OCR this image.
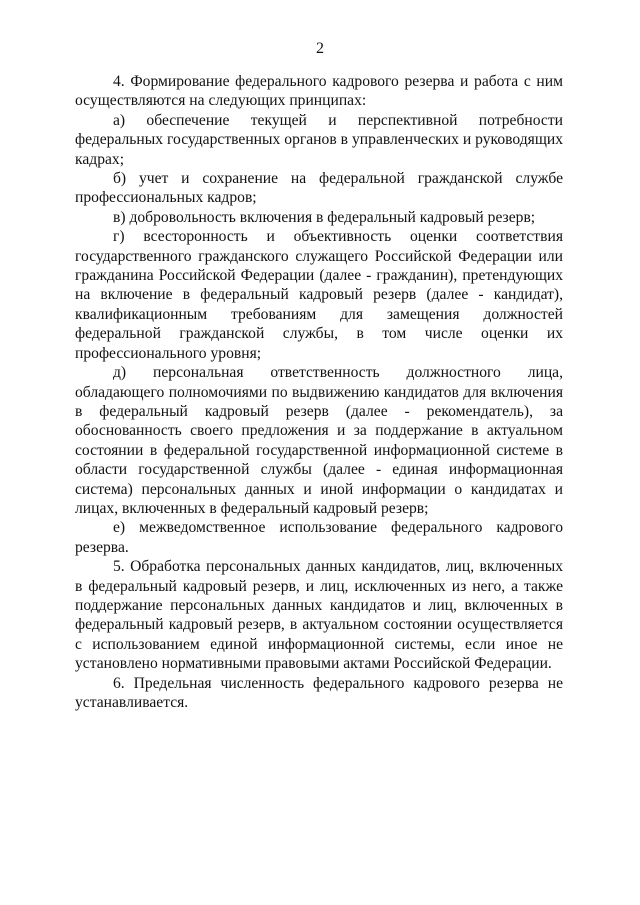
2

4. Формирование федерального кадрового резерва и работа с ним осуществляются на следующих принципах:

а) обеспечение текущей и перспективной потребности федеральных государственных органов в управленческих и руководящих кадрах;

б) учет и сохранение на федеральной гражданской службе профессиональных кадров;

в) добровольность включения в федеральный кадровый резерв;

г) всесторонность и объективность оценки соответствия государственного гражданского служащего Российской Федерации или гражданина Российской Федерации (далее - гражданин), претендующих на включение в федеральный кадровый резерв (далее - кандидат), квалификационным требованиям для замещения должностей федеральной гражданской службы, в том числе оценки их профессионального уровня;

д) персональная ответственность должностного лица, обладающего полномочиями по выдвижению кандидатов для включения в федеральный кадровый резерв (далее - рекомендатель), за обоснованность своего предложения и за поддержание в актуальном состоянии в федеральной государственной информационной системе в области государственной службы (далее - единая информационная система) персональных данных и иной информации о кандидатах и лицах, включенных в федеральный кадровый резерв;

е) межведомственное использование федерального кадрового резерва.

5. Обработка персональных данных кандидатов, лиц, включенных в федеральный кадровый резерв, и лиц, исключенных из него, а также поддержание персональных данных кандидатов и лиц, включенных в федеральный кадровый резерв, в актуальном состоянии осуществляется с использованием единой информационной системы, если иное не установлено нормативными правовыми актами Российской Федерации.

6. Предельная численность федерального кадрового резерва не устанавливается.
